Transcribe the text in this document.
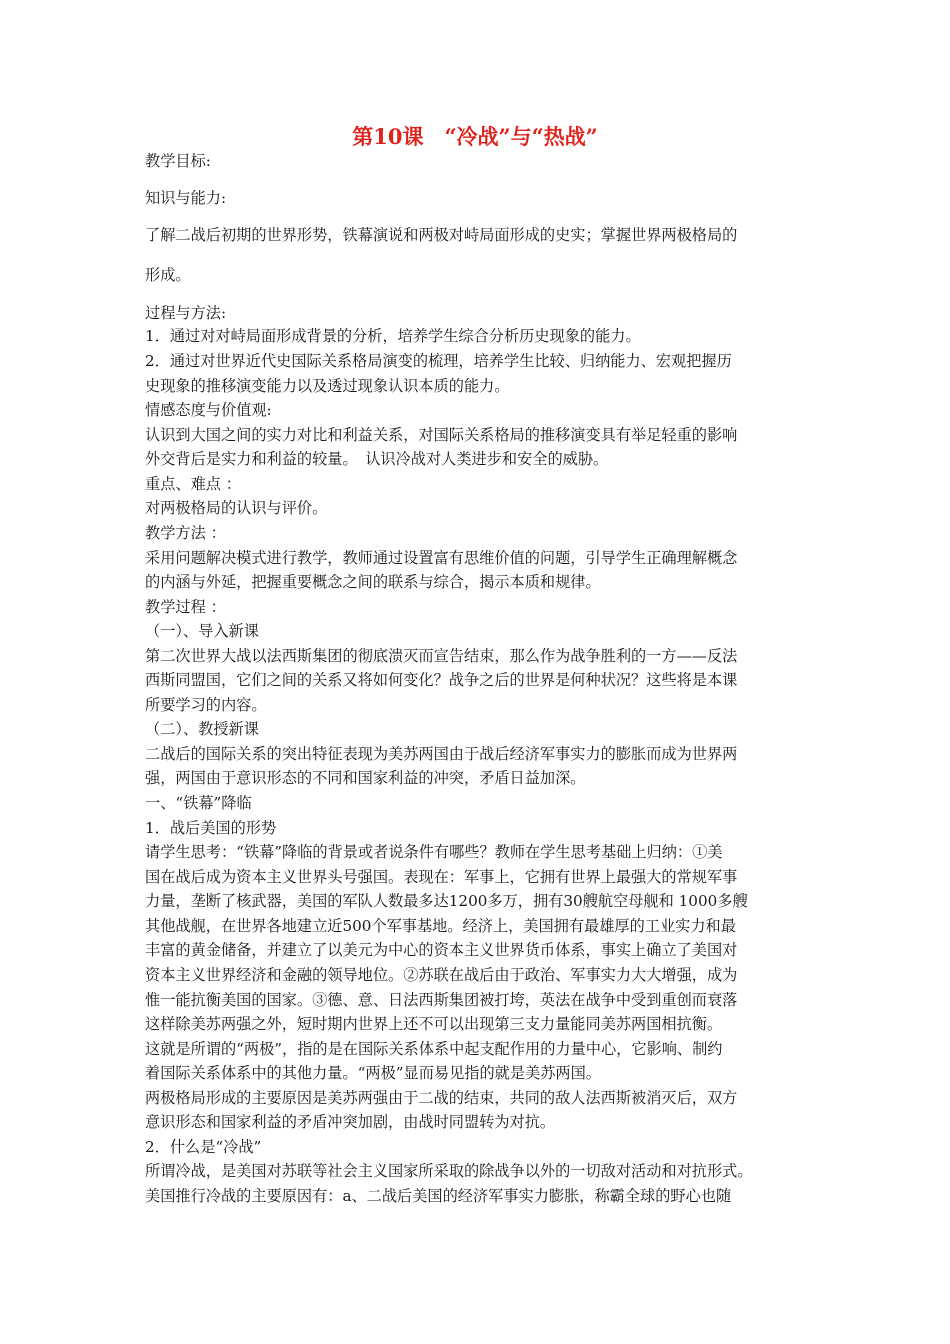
第10课　“冷战”与“热战”
教学目标:
知识与能力:
了解二战后初期的世界形势，铁幕演说和两极对峙局面形成的史实；掌握世界两极格局的
形成。
过程与方法:
1．通过对对峙局面形成背景的分析，培养学生综合分析历史现象的能力。
2．通过对世界近代史国际关系格局演变的梳理，培养学生比较、归纳能力、宏观把握历
史现象的推移演变能力以及透过现象认识本质的能力。
情感态度与价值观:
认识到大国之间的实力对比和利益关系，对国际关系格局的推移演变具有举足轻重的影响
外交背后是实力和利益的较量。　认识冷战对人类进步和安全的威胁。
重点、难点 ：
对两极格局的认识与评价。
教学方法 ：
采用问题解决模式进行教学，教师通过设置富有思维价值的问题，引导学生正确理解概念
的内涵与外延，把握重要概念之间的联系与综合，揭示本质和规律。
教学过程 ：
（一）、导入新课
第二次世界大战以法西斯集团的彻底溃灭而宣告结束，那么作为战争胜利的一方——反法
西斯同盟国，它们之间的关系又将如何变化？战争之后的世界是何种状况？这些将是本课
所要学习的内容。
（二）、教授新课
二战后的国际关系的突出特征表现为美苏两国由于战后经济军事实力的膨胀而成为世界两
强，两国由于意识形态的不同和国家利益的冲突，矛盾日益加深。
一、“铁幕”降临
1．战后美国的形势
请学生思考：“铁幕”降临的背景或者说条件有哪些？教师在学生思考基础上归纳：①美
国在战后成为资本主义世界头号强国。表现在：军事上，它拥有世界上最强大的常规军事
力量，垄断了核武器，美国的军队人数最多达1200多万，拥有30艘航空母舰和 1000多艘
其他战舰，在世界各地建立近500个军事基地。经济上，美国拥有最雄厚的工业实力和最
丰富的黄金储备，并建立了以美元为中心的资本主义世界货币体系，事实上确立了美国对
资本主义世界经济和金融的领导地位。②苏联在战后由于政治、军事实力大大增强，成为
惟一能抗衡美国的国家。③德、意、日法西斯集团被打垮，英法在战争中受到重创而衰落
这样除美苏两强之外，短时期内世界上还不可以出现第三支力量能同美苏两国相抗衡。
这就是所谓的“两极”，指的是在国际关系体系中起支配作用的力量中心，它影响、制约
着国际关系体系中的其他力量。“两极”显而易见指的就是美苏两国。
两极格局形成的主要原因是美苏两强由于二战的结束，共同的敌人法西斯被消灭后，双方
意识形态和国家利益的矛盾冲突加剧，由战时同盟转为对抗。
2．什么是“冷战”
所谓冷战，是美国对苏联等社会主义国家所采取的除战争以外的一切敌对活动和对抗形式。
美国推行冷战的主要原因有：a、二战后美国的经济军事实力膨胀，称霸全球的野心也随
